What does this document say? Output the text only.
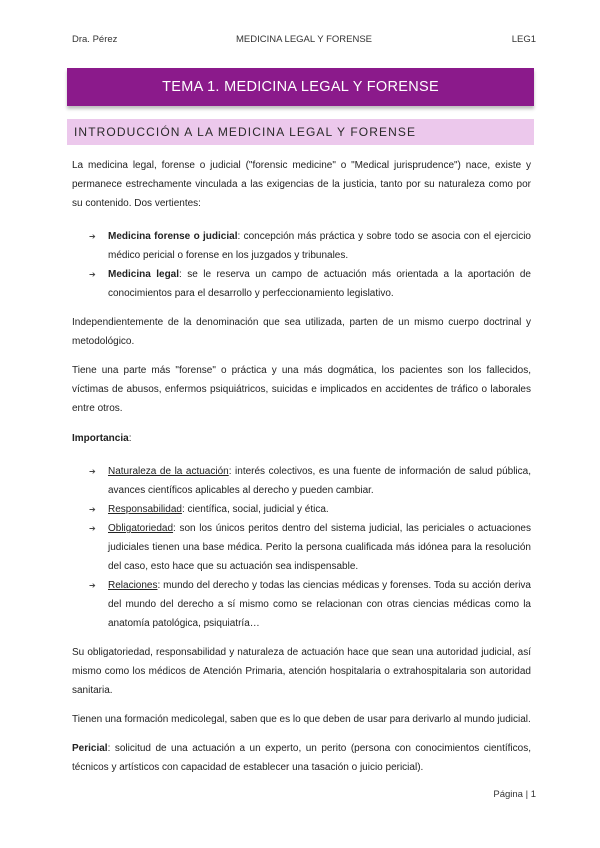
Dra. Pérez	MEDICINA LEGAL Y FORENSE	LEG1
TEMA 1. MEDICINA LEGAL Y FORENSE
INTRODUCCIÓN A LA MEDICINA LEGAL Y FORENSE

La medicina legal, forense o judicial ("forensic medicine" o "Medical jurisprudence") nace, existe y permanece estrechamente vinculada a las exigencias de la justicia, tanto por su naturaleza como por su contenido. Dos vertientes:

➔ Medicina forense o judicial: concepción más práctica y sobre todo se asocia con el ejercicio médico pericial o forense en los juzgados y tribunales.
➔ Medicina legal: se le reserva un campo de actuación más orientada a la aportación de conocimientos para el desarrollo y perfeccionamiento legislativo.

Independientemente de la denominación que sea utilizada, parten de un mismo cuerpo doctrinal y metodológico.

Tiene una parte más "forense" o práctica y una más dogmática, los pacientes son los fallecidos, víctimas de abusos, enfermos psiquiátricos, suicidas e implicados en accidentes de tráfico o laborales entre otros.

Importancia:

➔ Naturaleza de la actuación: interés colectivos, es una fuente de información de salud pública, avances científicos aplicables al derecho y pueden cambiar.
➔ Responsabilidad: científica, social, judicial y ética.
➔ Obligatoriedad: son los únicos peritos dentro del sistema judicial, las periciales o actuaciones judiciales tienen una base médica. Perito la persona cualificada más idónea para la resolución del caso, esto hace que su actuación sea indispensable.
➔ Relaciones: mundo del derecho y todas las ciencias médicas y forenses. Toda su acción deriva del mundo del derecho a sí mismo como se relacionan con otras ciencias médicas como la anatomía patológica, psiquiatría…

Su obligatoriedad, responsabilidad y naturaleza de actuación hace que sean una autoridad judicial, así mismo como los médicos de Atención Primaria, atención hospitalaria o extrahospitalaria son autoridad sanitaria.

Tienen una formación medicolegal, saben que es lo que deben de usar para derivarlo al mundo judicial.

Pericial: solicitud de una actuación a un experto, un perito (persona con conocimientos científicos, técnicos y artísticos con capacidad de establecer una tasación o juicio pericial).

Página | 1
